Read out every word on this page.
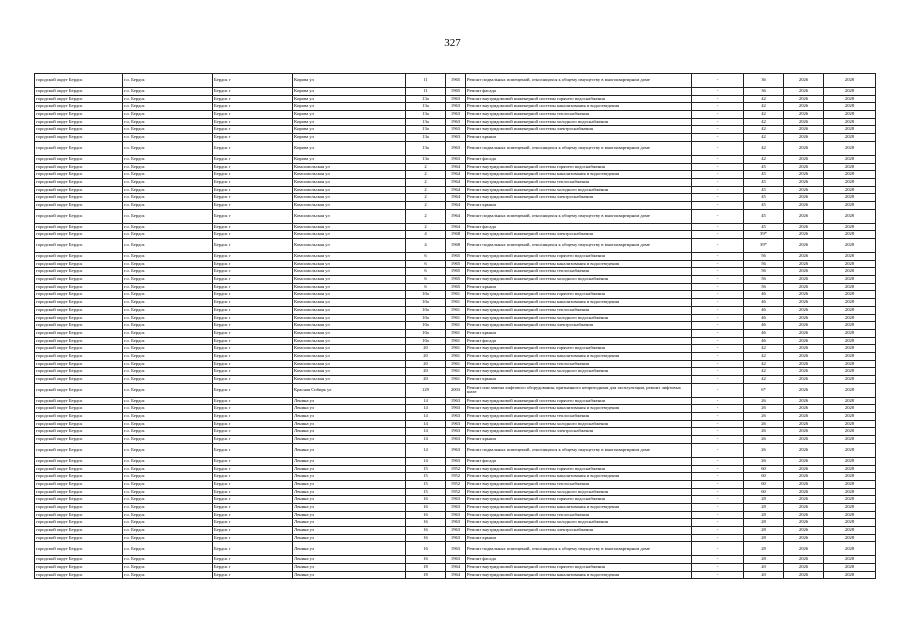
327
городской округ Бердск	г.о. Бердск	Бердск г	Кирова ул	11	1965	Ремонт подвальных помещений, относящихся к общему имуществу в многоквартирном доме	-	36	2026	2028
городской округ Бердск	г.о. Бердск	Бердск г	Кирова ул	11	1965	Ремонт фасада	-	36	2026	2028
городской округ Бердск	г.о. Бердск	Бердск г	Кирова ул	13а	1963	Ремонт внутридомовой инженерной системы горячего водоснабжения	-	42	2026	2028
городской округ Бердск	г.о. Бердск	Бердск г	Кирова ул	13а	1963	Ремонт внутридомовой инженерной системы канализования и водоотведения	-	42	2026	2028
городской округ Бердск	г.о. Бердск	Бердск г	Кирова ул	13а	1963	Ремонт внутридомовой инженерной системы теплоснабжения	-	42	2026	2028
городской округ Бердск	г.о. Бердск	Бердск г	Кирова ул	13а	1963	Ремонт внутридомовой инженерной системы холодного водоснабжения	-	42	2026	2028
городской округ Бердск	г.о. Бердск	Бердск г	Кирова ул	13а	1963	Ремонт внутридомовой инженерной системы электроснабжения	-	42	2026	2028
городской округ Бердск	г.о. Бердск	Бердск г	Кирова ул	13а	1963	Ремонт крыши	-	42	2026	2028
городской округ Бердск	г.о. Бердск	Бердск г	Кирова ул	13а	1963	Ремонт подвальных помещений, относящихся к общему имуществу в многоквартирном доме	-	42	2026	2028
городской округ Бердск	г.о. Бердск	Бердск г	Кирова ул	13а	1963	Ремонт фасада	-	42	2026	2028
городской округ Бердск	г.о. Бердск	Бердск г	Комсомольская ул	2	1964	Ремонт внутридомовой инженерной системы горячего водоснабжения	-	45	2026	2028
городской округ Бердск	г.о. Бердск	Бердск г	Комсомольская ул	2	1964	Ремонт внутридомовой инженерной системы канализования и водоотведения	-	45	2026	2028
городской округ Бердск	г.о. Бердск	Бердск г	Комсомольская ул	2	1964	Ремонт внутридомовой инженерной системы теплоснабжения	-	45	2026	2028
городской округ Бердск	г.о. Бердск	Бердск г	Комсомольская ул	2	1964	Ремонт внутридомовой инженерной системы холодного водоснабжения	-	45	2026	2028
городской округ Бердск	г.о. Бердск	Бердск г	Комсомольская ул	2	1964	Ремонт внутридомовой инженерной системы электроснабжения	-	45	2026	2028
городской округ Бердск	г.о. Бердск	Бердск г	Комсомольская ул	2	1964	Ремонт крыши	-	45	2026	2028
городской округ Бердск	г.о. Бердск	Бердск г	Комсомольская ул	2	1964	Ремонт подвальных помещений, относящихся к общему имуществу в многоквартирном доме	-	45	2026	2028
городской округ Бердск	г.о. Бердск	Бердск г	Комсомольская ул	2	1964	Ремонт фасада	-	45	2026	2028
городской округ Бердск	г.о. Бердск	Бердск г	Комсомольская ул	4	1968	Ремонт внутридомовой инженерной системы электроснабжения	-	39*	2026	2028
городской округ Бердск	г.о. Бердск	Бердск г	Комсомольская ул	4	1968	Ремонт подвальных помещений, относящихся к общему имуществу в многоквартирном доме	-	39*	2026	2028
городской округ Бердск	г.о. Бердск	Бердск г	Комсомольская ул	6	1965	Ремонт внутридомовой инженерной системы горячего водоснабжения	-	56	2026	2028
городской округ Бердск	г.о. Бердск	Бердск г	Комсомольская ул	6	1965	Ремонт внутридомовой инженерной системы канализования и водоотведения	-	56	2026	2028
городской округ Бердск	г.о. Бердск	Бердск г	Комсомольская ул	6	1965	Ремонт внутридомовой инженерной системы теплоснабжения	-	56	2026	2028
городской округ Бердск	г.о. Бердск	Бердск г	Комсомольская ул	6	1965	Ремонт внутридомовой инженерной системы холодного водоснабжения	-	56	2026	2028
городской округ Бердск	г.о. Бердск	Бердск г	Комсомольская ул	6	1965	Ремонт крыши	-	56	2026	2028
городской округ Бердск	г.о. Бердск	Бердск г	Комсомольская ул	10а	1961	Ремонт внутридомовой инженерной системы горячего водоснабжения	-	46	2026	2028
городской округ Бердск	г.о. Бердск	Бердск г	Комсомольская ул	10а	1961	Ремонт внутридомовой инженерной системы канализования и водоотведения	-	46	2026	2028
городской округ Бердск	г.о. Бердск	Бердск г	Комсомольская ул	10а	1961	Ремонт внутридомовой инженерной системы теплоснабжения	-	46	2026	2028
городской округ Бердск	г.о. Бердск	Бердск г	Комсомольская ул	10а	1961	Ремонт внутридомовой инженерной системы холодного водоснабжения	-	46	2026	2028
городской округ Бердск	г.о. Бердск	Бердск г	Комсомольская ул	10а	1961	Ремонт внутридомовой инженерной системы электроснабжения	-	46	2026	2028
городской округ Бердск	г.о. Бердск	Бердск г	Комсомольская ул	10а	1961	Ремонт крыши	-	46	2026	2028
городской округ Бердск	г.о. Бердск	Бердск г	Комсомольская ул	10а	1961	Ремонт фасада	-	46	2026	2028
городской округ Бердск	г.о. Бердск	Бердск г	Комсомольская ул	20	1961	Ремонт внутридомовой инженерной системы горячего водоснабжения	-	42	2026	2028
городской округ Бердск	г.о. Бердск	Бердск г	Комсомольская ул	20	1961	Ремонт внутридомовой инженерной системы канализования и водоотведения	-	42	2026	2028
городской округ Бердск	г.о. Бердск	Бердск г	Комсомольская ул	20	1961	Ремонт внутридомовой инженерной системы теплоснабжения	-	42	2026	2028
городской округ Бердск	г.о. Бердск	Бердск г	Комсомольская ул	20	1961	Ремонт внутридомовой инженерной системы холодного водоснабжения	-	42	2026	2028
городской округ Бердск	г.о. Бердск	Бердск г	Комсомольская ул	20	1961	Ремонт крыши	-	42	2026	2028
городской округ Бердск	г.о. Бердск	Бердск г	Красная Сибирь ул	129	2003	Ремонт или замена лифтового оборудования, признанного непригодным для эксплуатации, ремонт лифтовых шахт	-	6*	2026	2028
городской округ Бердск	г.о. Бердск	Бердск г	Ленина ул	14	1963	Ремонт внутридомовой инженерной системы горячего водоснабжения	-	26	2026	2028
городской округ Бердск	г.о. Бердск	Бердск г	Ленина ул	14	1963	Ремонт внутридомовой инженерной системы канализования и водоотведения	-	26	2026	2028
городской округ Бердск	г.о. Бердск	Бердск г	Ленина ул	14	1963	Ремонт внутридомовой инженерной системы теплоснабжения	-	26	2026	2028
городской округ Бердск	г.о. Бердск	Бердск г	Ленина ул	14	1963	Ремонт внутридомовой инженерной системы холодного водоснабжения	-	26	2026	2028
городской округ Бердск	г.о. Бердск	Бердск г	Ленина ул	14	1963	Ремонт внутридомовой инженерной системы электроснабжения	-	26	2026	2028
городской округ Бердск	г.о. Бердск	Бердск г	Ленина ул	14	1963	Ремонт крыши	-	26	2026	2028
городской округ Бердск	г.о. Бердск	Бердск г	Ленина ул	14	1963	Ремонт подвальных помещений, относящихся к общему имуществу в многоквартирном доме	-	26	2026	2028
городской округ Бердск	г.о. Бердск	Бердск г	Ленина ул	14	1963	Ремонт фасада	-	26	2026	2028
городской округ Бердск	г.о. Бердск	Бердск г	Ленина ул	15	1952	Ремонт внутридомовой инженерной системы горячего водоснабжения	-	60	2026	2028
городской округ Бердск	г.о. Бердск	Бердск г	Ленина ул	15	1952	Ремонт внутридомовой инженерной системы канализования и водоотведения	-	60	2026	2028
городской округ Бердск	г.о. Бердск	Бердск г	Ленина ул	15	1952	Ремонт внутридомовой инженерной системы теплоснабжения	-	60	2026	2028
городской округ Бердск	г.о. Бердск	Бердск г	Ленина ул	15	1952	Ремонт внутридомовой инженерной системы холодного водоснабжения	-	60	2026	2028
городской округ Бердск	г.о. Бердск	Бердск г	Ленина ул	16	1963	Ремонт внутридомовой инженерной системы горячего водоснабжения	-	28	2026	2028
городской округ Бердск	г.о. Бердск	Бердск г	Ленина ул	16	1963	Ремонт внутридомовой инженерной системы канализования и водоотведения	-	28	2026	2028
городской округ Бердск	г.о. Бердск	Бердск г	Ленина ул	16	1963	Ремонт внутридомовой инженерной системы теплоснабжения	-	28	2026	2028
городской округ Бердск	г.о. Бердск	Бердск г	Ленина ул	16	1963	Ремонт внутридомовой инженерной системы холодного водоснабжения	-	28	2026	2028
городской округ Бердск	г.о. Бердск	Бердск г	Ленина ул	16	1963	Ремонт внутридомовой инженерной системы электроснабжения	-	28	2026	2028
городской округ Бердск	г.о. Бердск	Бердск г	Ленина ул	16	1963	Ремонт крыши	-	28	2026	2028
городской округ Бердск	г.о. Бердск	Бердск г	Ленина ул	16	1963	Ремонт подвальных помещений, относящихся к общему имуществу в многоквартирном доме	-	28	2026	2028
городской округ Бердск	г.о. Бердск	Бердск г	Ленина ул	16	1963	Ремонт фасада	-	28	2026	2028
городской округ Бердск	г.о. Бердск	Бердск г	Ленина ул	18	1964	Ремонт внутридомовой инженерной системы горячего водоснабжения	-	20	2026	2028
городской округ Бердск	г.о. Бердск	Бердск г	Ленина ул	18	1964	Ремонт внутридомовой инженерной системы канализования и водоотведения	-	20	2026	2028
